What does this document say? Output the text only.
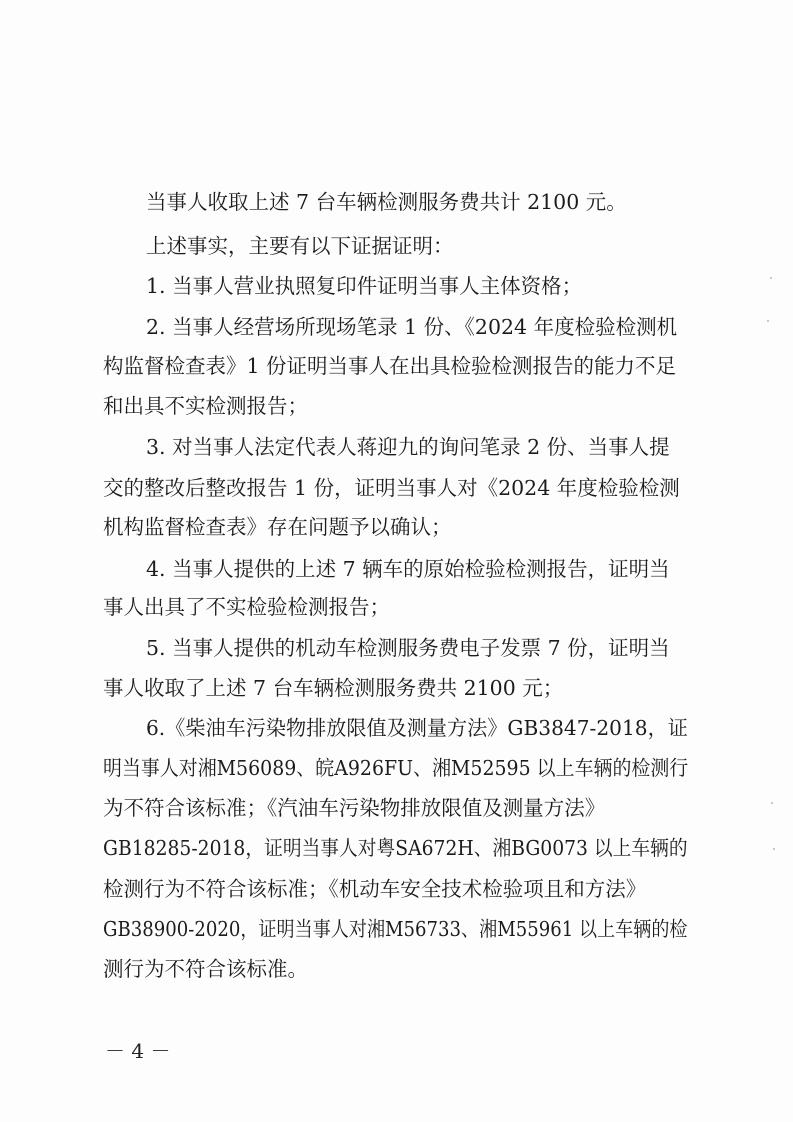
当事人收取上述 7 台车辆检测服务费共计 2100 元。
上述事实，主要有以下证据证明：
1. 当事人营业执照复印件证明当事人主体资格；
2. 当事人经营场所现场笔录 1 份、《2024 年度检验检测机
构监督检查表》1 份证明当事人在出具检验检测报告的能力不足
和出具不实检测报告；
3. 对当事人法定代表人蒋迎九的询问笔录 2 份、当事人提
交的整改后整改报告 1 份，证明当事人对《2024 年度检验检测
机构监督检查表》存在问题予以确认；
4. 当事人提供的上述 7 辆车的原始检验检测报告，证明当
事人出具了不实检验检测报告；
5. 当事人提供的机动车检测服务费电子发票 7 份，证明当
事人收取了上述 7 台车辆检测服务费共 2100 元；
6.《柴油车污染物排放限值及测量方法》GB3847-2018，证
明当事人对湘M56089、皖A926FU、湘M52595 以上车辆的检测行
为不符合该标准；《汽油车污染物排放限值及测量方法》
GB18285-2018，证明当事人对粤SA672H、湘BG0073 以上车辆的
检测行为不符合该标准；《机动车安全技术检验项且和方法》
GB38900-2020，证明当事人对湘M56733、湘M55961 以上车辆的检
测行为不符合该标准。
－ 4 －
